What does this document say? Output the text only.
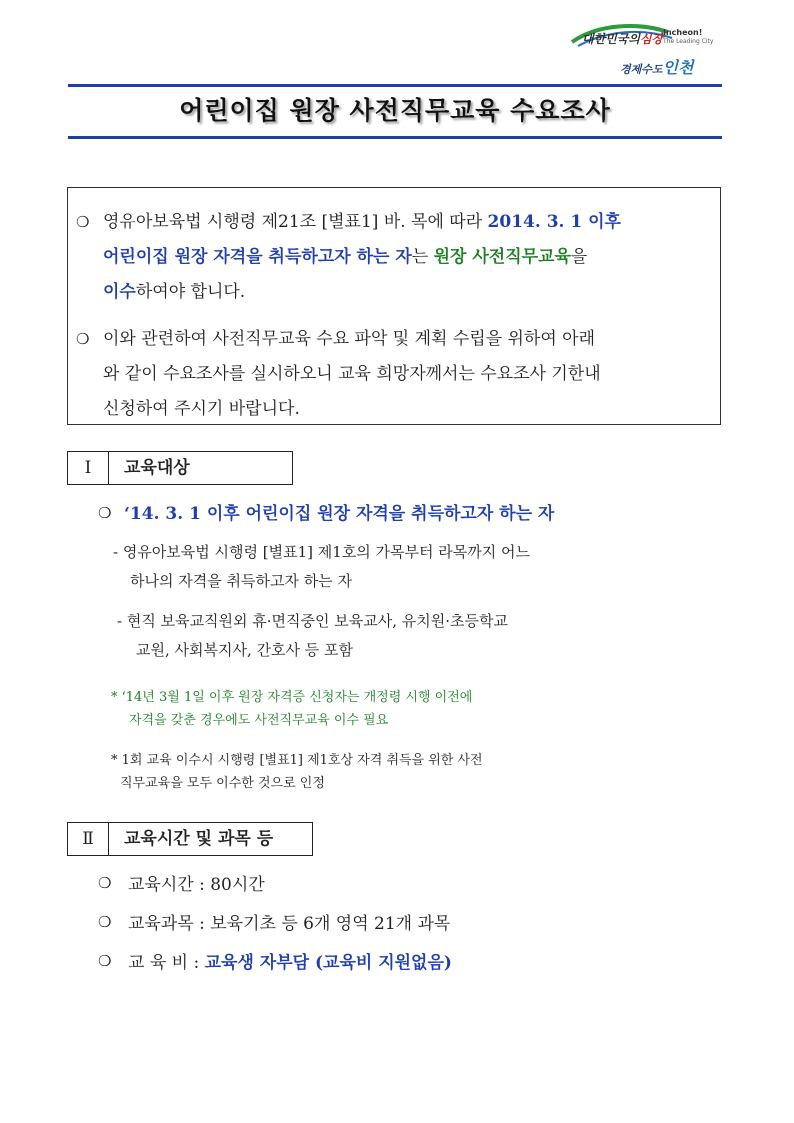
대한민국의심장
경제수도인천
Incheon!
The Leading City
어린이집 원장 사전직무교육 수요조사
❍ 영유아보육법 시행령 제21조 [별표1] 바. 목에 따라 2014. 3. 1 이후
어린이집 원장 자격을 취득하고자 하는 자는 원장 사전직무교육을
이수하여야 합니다.
❍ 이와 관련하여 사전직무교육 수요 파악 및 계획 수립을 위하여 아래
와 같이 수요조사를 실시하오니 교육 희망자께서는 수요조사 기한내
신청하여 주시기 바랍니다.
Ⅰ	교육대상
❍ ‘14. 3. 1 이후 어린이집 원장 자격을 취득하고자 하는 자
- 영유아보육법 시행령 [별표1] 제1호의 가목부터 라목까지 어느
하나의 자격을 취득하고자 하는 자
- 현직 보육교직원외 휴·면직중인 보육교사, 유치원·초등학교
교원, 사회복지사, 간호사 등 포함
* ‘14년 3월 1일 이후 원장 자격증 신청자는 개정령 시행 이전에
자격을 갖춘 경우에도 사전직무교육 이수 필요
* 1회 교육 이수시 시행령 [별표1] 제1호상 자격 취득을 위한 사전
직무교육을 모두 이수한 것으로 인정
Ⅱ	교육시간 및 과목 등
❍ 교육시간 : 80시간
❍ 교육과목 : 보육기초 등 6개 영역 21개 과목
❍ 교 육 비 : 교육생 자부담 (교육비 지원없음)
